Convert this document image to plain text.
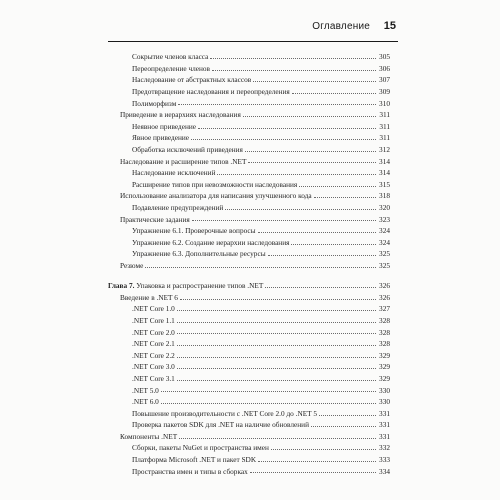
Оглавление 15
Сокрытие членов класса	305
Переопределение членов	306
Наследование от абстрактных классов	307
Предотвращение наследования и переопределения	309
Полиморфизм	310
Приведение в иерархиях наследования	311
Неявное приведение	311
Явное приведение	311
Обработка исключений приведения	312
Наследование и расширение типов .NET	314
Наследование исключений	314
Расширение типов при невозможности наследования	315
Использование анализатора для написания улучшенного кода	318
Подавление предупреждений	320
Практические задания	323
Упражнение 6.1. Проверочные вопросы	324
Упражнение 6.2. Создание иерархии наследования	324
Упражнение 6.3. Дополнительные ресурсы	325
Резюме	325
Глава 7. Упаковка и распространение типов .NET	326
Введение в .NET 6	326
.NET Core 1.0	327
.NET Core 1.1	328
.NET Core 2.0	328
.NET Core 2.1	328
.NET Core 2.2	329
.NET Core 3.0	329
.NET Core 3.1	329
.NET 5.0	330
.NET 6.0	330
Повышение производительности с .NET Core 2.0 до .NET 5	331
Проверка пакетов SDK для .NET на наличие обновлений	331
Компоненты .NET	331
Сборки, пакеты NuGet и пространства имен	332
Платформа Microsoft .NET и пакет SDK	333
Пространства имен и типы в сборках	334
